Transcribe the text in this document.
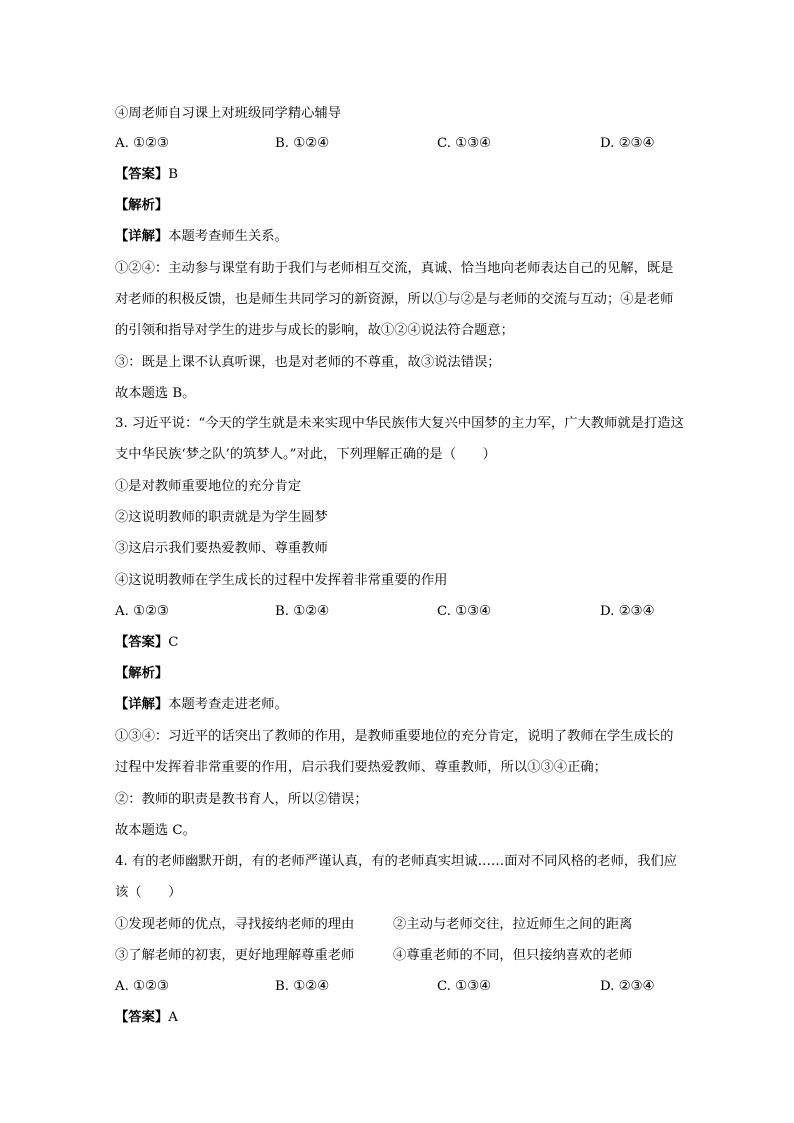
④周老师自习课上对班级同学精心辅导
A. ①②③	B. ①②④	C. ①③④	D. ②③④
【答案】B
【解析】
【详解】本题考查师生关系。
①②④：主动参与课堂有助于我们与老师相互交流，真诚、恰当地向老师表达自己的见解，既是对老师的积极反馈，也是师生共同学习的新资源，所以①与②是与老师的交流与互动；④是老师的引领和指导对学生的进步与成长的影响，故①②④说法符合题意；
③：既是上课不认真听课，也是对老师的不尊重，故③说法错误；
故本题选 B。
3. 习近平说：“今天的学生就是未来实现中华民族伟大复兴中国梦的主力军，广大教师就是打造这支中华民族‘梦之队’的筑梦人。”对此，下列理解正确的是（　　）
①是对教师重要地位的充分肯定
②这说明教师的职责就是为学生圆梦
③这启示我们要热爱教师、尊重教师
④这说明教师在学生成长的过程中发挥着非常重要的作用
A. ①②③	B. ①②④	C. ①③④	D. ②③④
【答案】C
【解析】
【详解】本题考查走进老师。
①③④：习近平的话突出了教师的作用，是教师重要地位的充分肯定，说明了教师在学生成长的过程中发挥着非常重要的作用，启示我们要热爱教师、尊重教师，所以①③④正确；
②：教师的职责是教书育人，所以②错误；
故本题选 C。
4. 有的老师幽默开朗，有的老师严谨认真，有的老师真实坦诚……面对不同风格的老师，我们应该（　　）
①发现老师的优点，寻找接纳老师的理由	②主动与老师交往，拉近师生之间的距离
③了解老师的初衷，更好地理解尊重老师	④尊重老师的不同，但只接纳喜欢的老师
A. ①②③	B. ①②④	C. ①③④	D. ②③④
【答案】A
